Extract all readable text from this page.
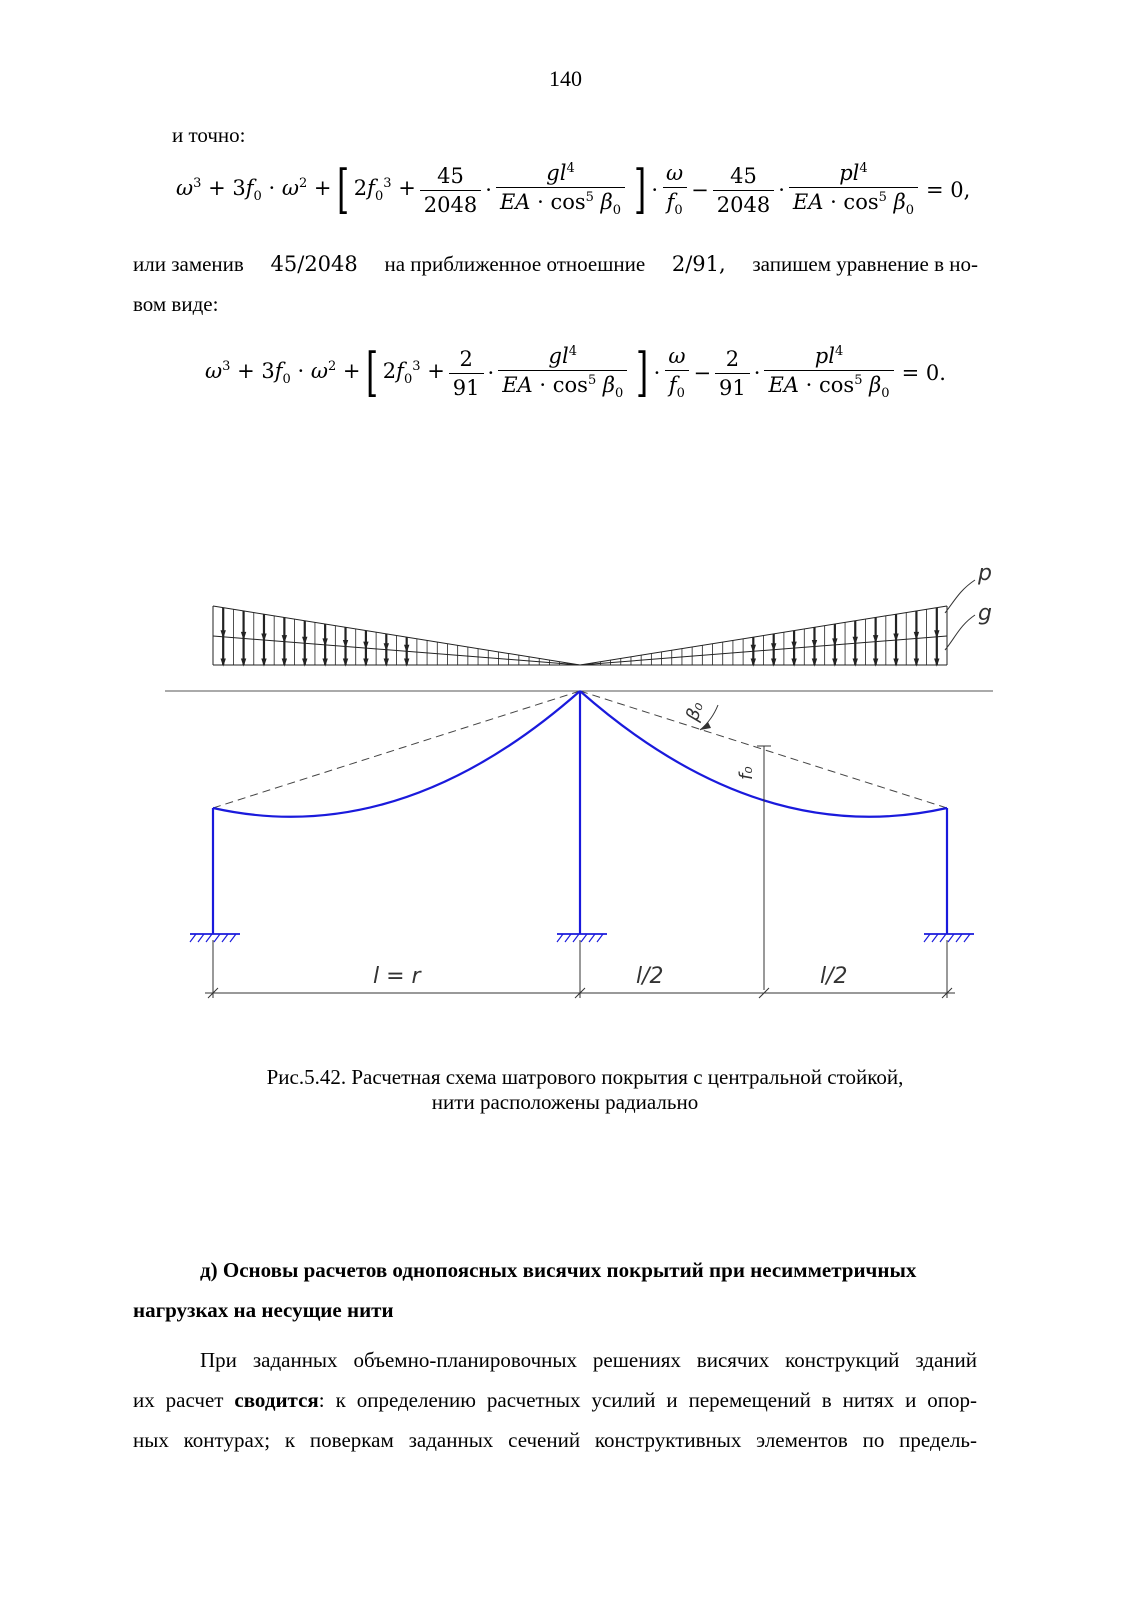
140
и точно:
$\omega^3 + 3f_0 \cdot \omega^2$ + [ $2f_0^3 + \frac{45}{2048} \cdot \frac{gl^4}{EA \cdot \cos^5 \beta_0}$ ] · $\frac{\omega}{f_0} - \frac{45}{2048} \cdot \frac{pl^4}{EA \cdot \cos^5 \beta_0} = 0$,
или заменив 45/2048 на приближенное отноешние 2/91, запишем уравнение в но-
вом виде:
$\omega^3 + 3f_0 \cdot \omega^2$ + [ $2f_0^3 + \frac{2}{91} \cdot \frac{gl^4}{EA \cdot \cos^5 \beta_0}$ ] · $\frac{\omega}{f_0} - \frac{2}{91} \cdot \frac{pl^4}{EA \cdot \cos^5 \beta_0} = 0$.
p
g
β₀
f₀
l = r	l/2	l/2
Рис.5.42. Расчетная схема шатрового покрытия с центральной стойкой,
нити расположены радиально
д) Основы расчетов однопоясных висячих покрытий при несимметричных
нагрузках на несущие нити
При заданных объемно-планировочных решениях висячих конструкций зданий
их расчет сводится: к определению расчетных усилий и перемещений в нитях и опор-
ных контурах; к поверкам заданных сечений конструктивных элементов по предель-
